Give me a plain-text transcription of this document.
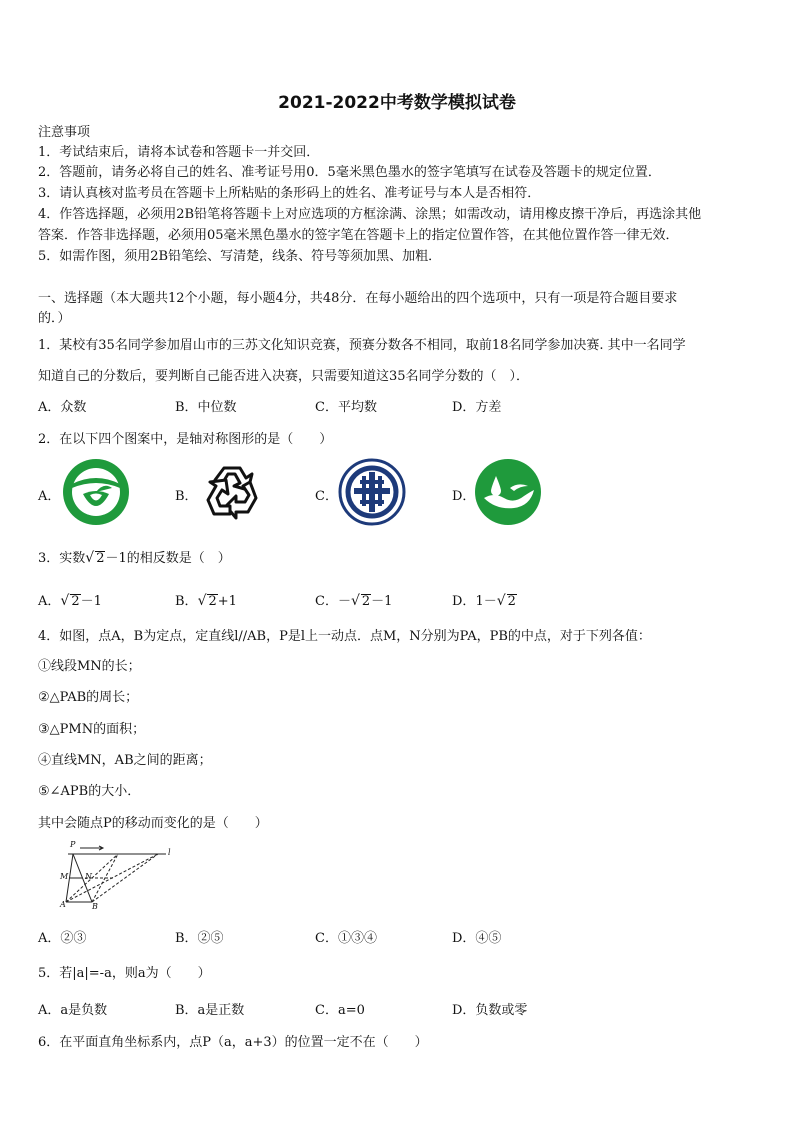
2021-2022中考数学模拟试卷
注意事项
1．考试结束后，请将本试卷和答题卡一并交回．
2．答题前，请务必将自己的姓名、准考证号用0．5毫米黑色墨水的签字笔填写在试卷及答题卡的规定位置．
3．请认真核对监考员在答题卡上所粘贴的条形码上的姓名、准考证号与本人是否相符．
4．作答选择题，必须用2B铅笔将答题卡上对应选项的方框涂满、涂黑；如需改动，请用橡皮擦干净后，再选涂其他
答案．作答非选择题，必须用05毫米黑色墨水的签字笔在答题卡上的指定位置作答，在其他位置作答一律无效．
5．如需作图，须用2B铅笔绘、写清楚，线条、符号等须加黑、加粗．
一、选择题（本大题共12个小题，每小题4分，共48分．在每小题给出的四个选项中，只有一项是符合题目要求
的．）
1．某校有35名同学参加眉山市的三苏文化知识竞赛，预赛分数各不相同，取前18名同学参加决赛. 其中一名同学
知道自己的分数后，要判断自己能否进入决赛，只需要知道这35名同学分数的（　）．
A．众数	B．中位数	C．平均数	D．方差
2．在以下四个图案中，是轴对称图形的是（　　）
A．	B．	C．	D．
3．实数√ 2－1的相反数是（　）
A．√ 2－1	B．√ 2+1	C．－√ 2－1	D．1－√ 2
4．如图，点A，B为定点，定直线l//AB，P是l上一动点．点M，N分别为PA，PB的中点，对于下列各值：
①线段MN的长；
②△PAB的周长；
③△PMN的面积；
④直线MN，AB之间的距离；
⑤∠APB的大小．
其中会随点P的移动而变化的是（　　）
P
l
M N
A	B
A．②③	B．②⑤	C．①③④	D．④⑤
5．若|a|=-a，则a为（　　）
A．a是负数	B．a是正数	C．a=0	D．负数或零
6．在平面直角坐标系内，点P（a，a+3）的位置一定不在（　　）
